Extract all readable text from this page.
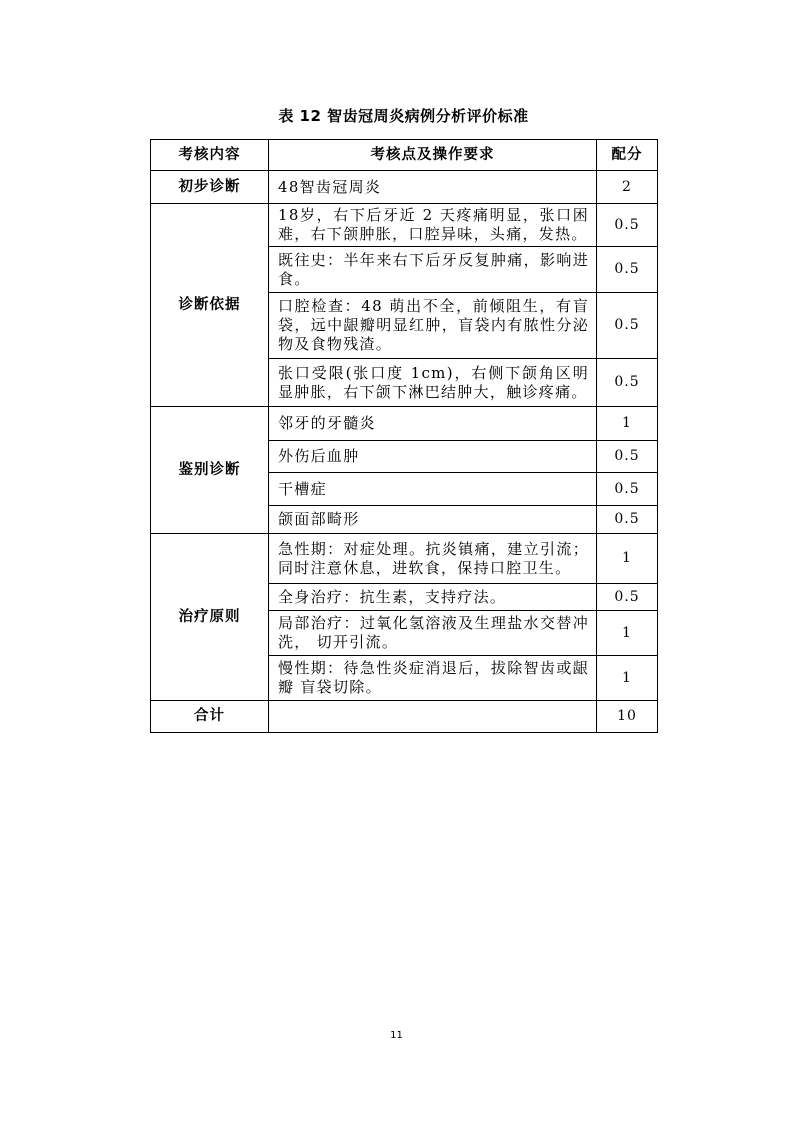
表 12 智齿冠周炎病例分析评价标准
考核内容	考核点及操作要求	配分
初步诊断	48智齿冠周炎	2
诊断依据	18岁，右下后牙近 2 天疼痛明显，张口困难，右下颌肿胀，口腔异味，头痛，发热。	0.5
	既往史：半年来右下后牙反复肿痛，影响进食。	0.5
	口腔检查：48 萌出不全，前倾阻生，有盲袋，远中龈瓣明显红肿，盲袋内有脓性分泌物及食物残渣。	0.5
	张口受限(张口度 1cm)，右侧下颌角区明显肿胀，右下颌下淋巴结肿大，触诊疼痛。	0.5
鉴别诊断	邻牙的牙髓炎	1
	外伤后血肿	0.5
	干槽症	0.5
	颌面部畸形	0.5
治疗原则	急性期：对症处理。抗炎镇痛，建立引流；同时注意休息，进软食，保持口腔卫生。	1
	全身治疗：抗生素，支持疗法。	0.5
	局部治疗：过氧化氢溶液及生理盐水交替冲洗， 切开引流。	1
	慢性期：待急性炎症消退后，拔除智齿或龈瓣 盲袋切除。	1
合计		10
11
